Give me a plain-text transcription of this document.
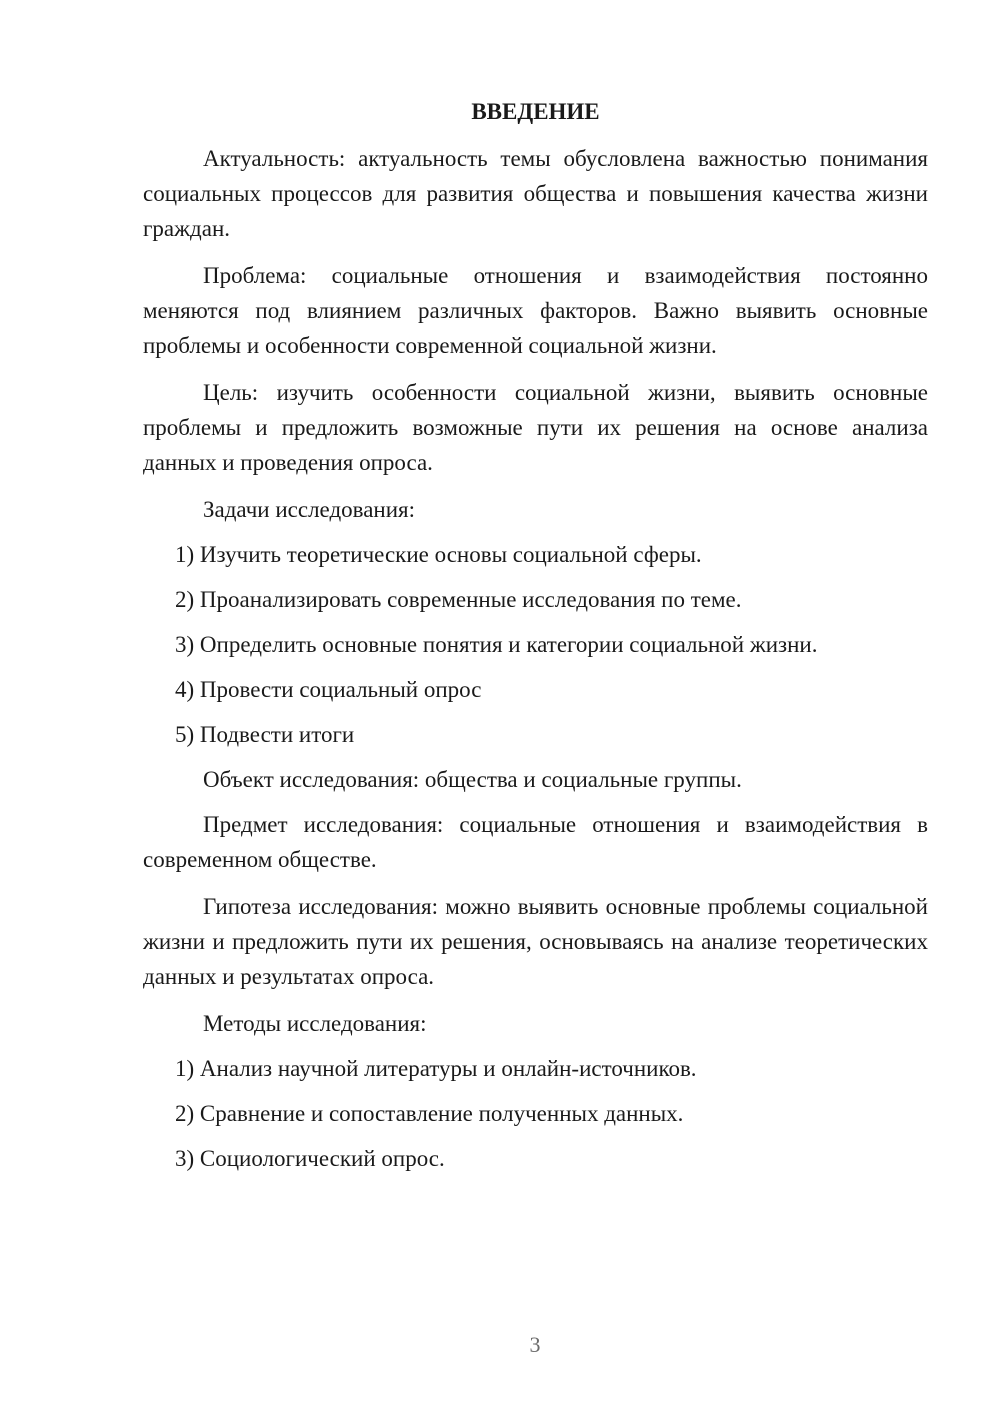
ВВЕДЕНИЕ

Актуальность: актуальность темы обусловлена важностью понимания социальных процессов для развития общества и повышения качества жизни граждан.

Проблема: социальные отношения и взаимодействия постоянно меняются под влиянием различных факторов. Важно выявить основные проблемы и особенности современной социальной жизни.

Цель: изучить особенности социальной жизни, выявить основные проблемы и предложить возможные пути их решения на основе анализа данных и проведения опроса.

Задачи исследования:

1) Изучить теоретические основы социальной сферы.

2) Проанализировать современные исследования по теме.

3) Определить основные понятия и категории социальной жизни.

4) Провести социальный опрос

5) Подвести итоги

Объект исследования: общества и социальные группы.

Предмет исследования: социальные отношения и взаимодействия в современном обществе.

Гипотеза исследования: можно выявить основные проблемы социальной жизни и предложить пути их решения, основываясь на анализе теоретических данных и результатах опроса.

Методы исследования:

1) Анализ научной литературы и онлайн-источников.

2) Сравнение и сопоставление полученных данных.

3) Социологический опрос.

3
